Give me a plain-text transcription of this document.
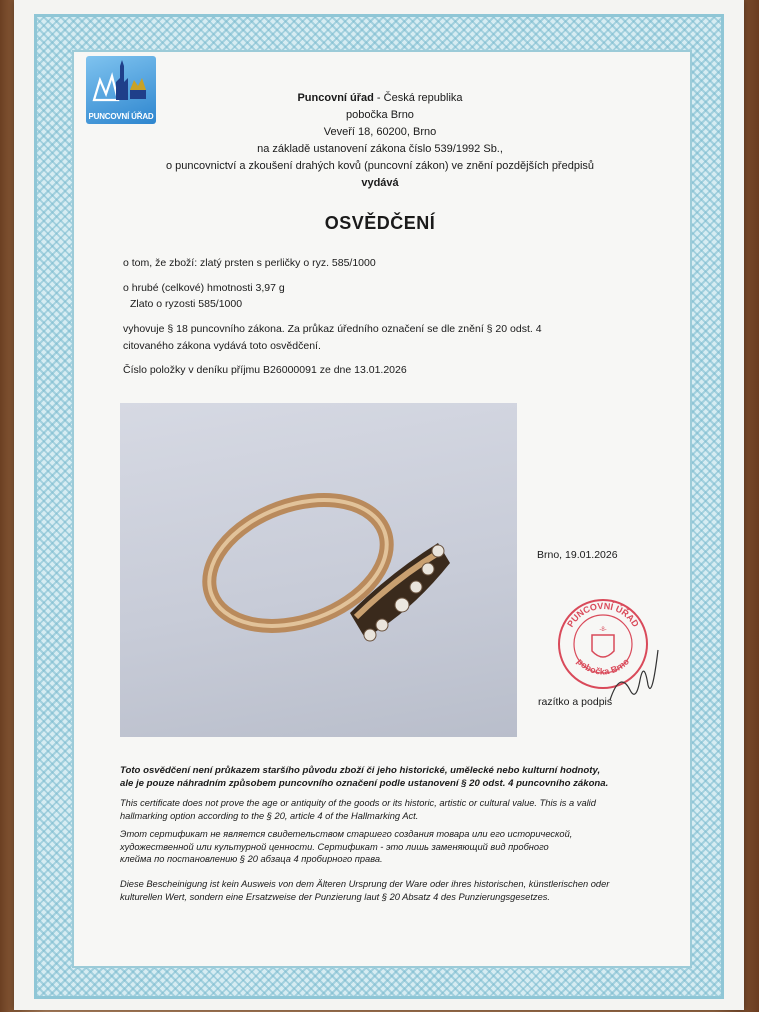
PUNCOVNÍ ÚŘAD
Puncovní úřad - Česká republika
pobočka Brno
Veveří 18, 60200, Brno
na základě ustanovení zákona číslo 539/1992 Sb.,
o puncovnictví a zkoušení drahých kovů (puncovní zákon) ve znění pozdějších předpisů
vydává
OSVĚDČENÍ
o tom, že zboží: zlatý prsten s perličky o ryz. 585/1000
o hrubé (celkové) hmotnosti 3,97 g
Zlato o ryzosti 585/1000
vyhovuje § 18 puncovního zákona. Za průkaz úředního označení se dle znění § 20 odst. 4
citovaného zákona vydává toto osvědčení.
Číslo položky v deníku příjmu B26000091 ze dne 13.01.2026
Brno, 19.01.2026
-8-
PUNCOVNÍ ÚŘAD
pobočka Brno
razítko a podpis
Toto osvědčení není průkazem staršího původu zboží či jeho historické, umělecké nebo kulturní hodnoty,
ale je pouze náhradním způsobem puncovního označení podle ustanovení § 20 odst. 4 puncovního zákona.
This certificate does not prove the age or antiquity of the goods or its historic, artistic or cultural value. This is a valid
hallmarking option according to the § 20, article 4 of the Hallmarking Act.
Этот сертификат не является свидетельством старшего создания товара или его исторической,
художественной или культурной ценности. Сертификат - это лишь заменяющий вид пробного
клейма по постановлению § 20 абзаца 4 пробирного права.
Diese Bescheinigung ist kein Ausweis von dem Älteren Ursprung der Ware oder ihres historischen, künstlerischen oder
kulturellen Wert, sondern eine Ersatzweise der Punzierung laut § 20 Absatz 4 des Punzierungsgesetzes.
